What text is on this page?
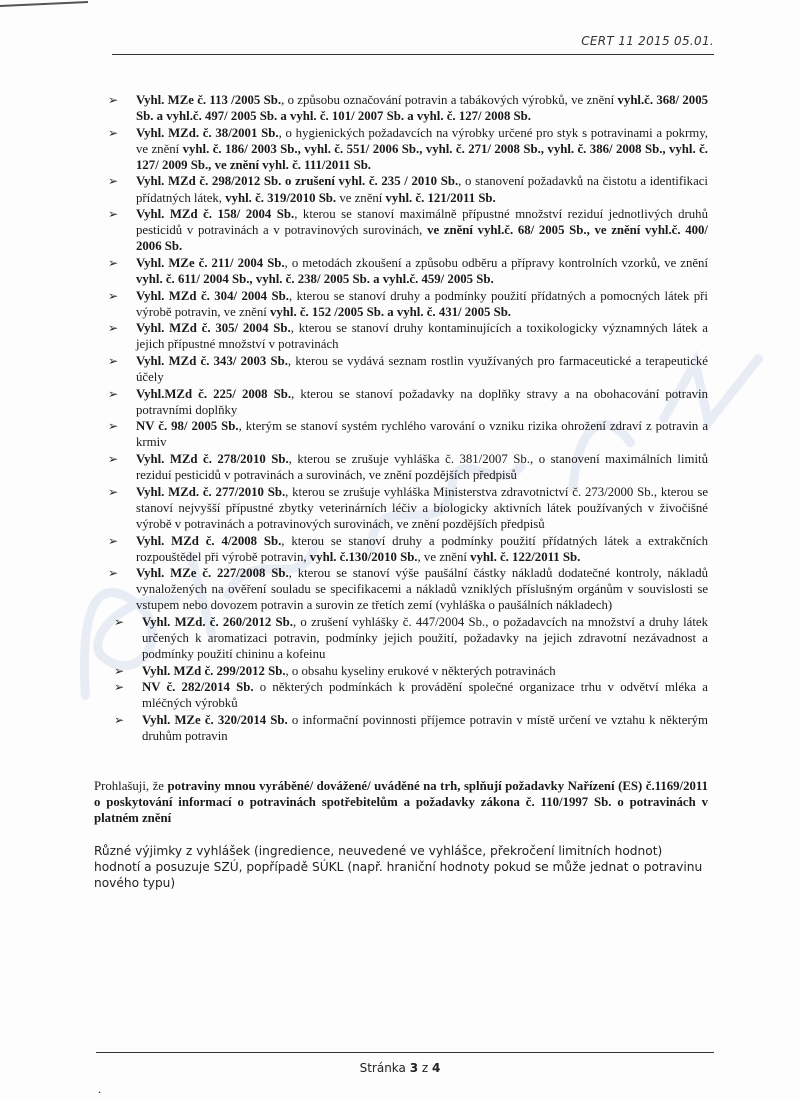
CERT 11 2015 05.01.
➢ Vyhl. MZe č. 113 /2005 Sb., o způsobu označování potravin a tabákových výrobků, ve znění vyhl.č. 368/ 2005 Sb. a vyhl.č. 497/ 2005 Sb. a vyhl. č. 101/ 2007 Sb. a vyhl. č. 127/ 2008 Sb.
➢ Vyhl. MZd. č. 38/2001 Sb., o hygienických požadavcích na výrobky určené pro styk s potravinami a pokrmy, ve znění vyhl. č. 186/ 2003 Sb., vyhl. č. 551/ 2006 Sb., vyhl. č. 271/ 2008 Sb., vyhl. č. 386/ 2008 Sb., vyhl. č. 127/ 2009 Sb., ve znění vyhl. č. 111/2011 Sb.
➢ Vyhl. MZd č. 298/2012 Sb. o zrušení vyhl. č. 235 / 2010 Sb., o stanovení požadavků na čistotu a identifikaci přídatných látek, vyhl. č. 319/2010 Sb. ve znění vyhl. č. 121/2011 Sb.
➢ Vyhl. MZd č. 158/ 2004 Sb., kterou se stanoví maximálně přípustné množství reziduí jednotlivých druhů pesticidů v potravinách a v potravinových surovinách, ve znění vyhl.č. 68/ 2005 Sb., ve znění vyhl.č. 400/ 2006 Sb.
➢ Vyhl. MZe č. 211/ 2004 Sb., o metodách zkoušení a způsobu odběru a přípravy kontrolních vzorků, ve znění vyhl. č. 611/ 2004 Sb., vyhl. č. 238/ 2005 Sb. a vyhl.č. 459/ 2005 Sb.
➢ Vyhl. MZd č. 304/ 2004 Sb., kterou se stanoví druhy a podmínky použití přídatných a pomocných látek při výrobě potravin, ve znění vyhl. č. 152 /2005 Sb. a vyhl. č. 431/ 2005 Sb.
➢ Vyhl. MZd č. 305/ 2004 Sb., kterou se stanoví druhy kontaminujících a toxikologicky významných látek a jejich přípustné množství v potravinách
➢ Vyhl. MZd č. 343/ 2003 Sb., kterou se vydává seznam rostlin využívaných pro farmaceutické a terapeutické účely
➢ Vyhl.MZd č. 225/ 2008 Sb., kterou se stanoví požadavky na doplňky stravy a na obohacování potravin potravními doplňky
➢ NV č. 98/ 2005 Sb., kterým se stanoví systém rychlého varování o vzniku rizika ohrožení zdraví z potravin a krmiv
➢ Vyhl. MZd č. 278/2010 Sb., kterou se zrušuje vyhláška č. 381/2007 Sb., o stanovení maximálních limitů reziduí pesticidů v potravinách a surovinách, ve znění pozdějších předpisů
➢ Vyhl. MZd. č. 277/2010 Sb., kterou se zrušuje vyhláška Ministerstva zdravotnictví č. 273/2000 Sb., kterou se stanoví nejvyšší přípustné zbytky veterinárních léčiv a biologicky aktivních látek používaných v živočišné výrobě v potravinách a potravinových surovinách, ve znění pozdějších předpisů
➢ Vyhl. MZd č. 4/2008 Sb., kterou se stanoví druhy a podmínky použití přídatných látek a extrakčních rozpouštědel při výrobě potravin, vyhl. č.130/2010 Sb., ve znění vyhl. č. 122/2011 Sb.
➢ Vyhl. MZe č. 227/2008 Sb., kterou se stanoví výše paušální částky nákladů dodatečné kontroly, nákladů vynaložených na ověření souladu se specifikacemi a nákladů vzniklých příslušným orgánům v souvislosti se vstupem nebo dovozem potravin a surovin ze třetích zemí (vyhláška o paušálních nákladech)
➢ Vyhl. MZd. č. 260/2012 Sb., o zrušení vyhlášky č. 447/2004 Sb., o požadavcích na množství a druhy látek určených k aromatizaci potravin, podmínky jejich použití, požadavky na jejich zdravotní nezávadnost a podmínky použití chininu a kofeinu
➢ Vyhl. MZd č. 299/2012 Sb., o obsahu kyseliny erukové v některých potravinách
➢ NV č. 282/2014 Sb. o některých podmínkách k provádění společné organizace trhu v odvětví mléka a mléčných výrobků
➢ Vyhl. MZe č. 320/2014 Sb. o informační povinnosti příjemce potravin v místě určení ve vztahu k některým druhům potravin

Prohlašuji, že potraviny mnou vyráběné/ dovážené/ uváděné na trh, splňují požadavky Nařízení (ES) č.1169/2011 o poskytování informací o potravinách spotřebitelům a požadavky zákona č. 110/1997 Sb. o potravinách v platném znění

Různé výjimky z vyhlášek (ingredience, neuvedené ve vyhlášce, překročení limitních hodnot) hodnotí a posuzuje SZÚ, popřípadě SÚKL (např. hraniční hodnoty pokud se může jednat o potravinu nového typu)

.
Stránka 3 z 4
